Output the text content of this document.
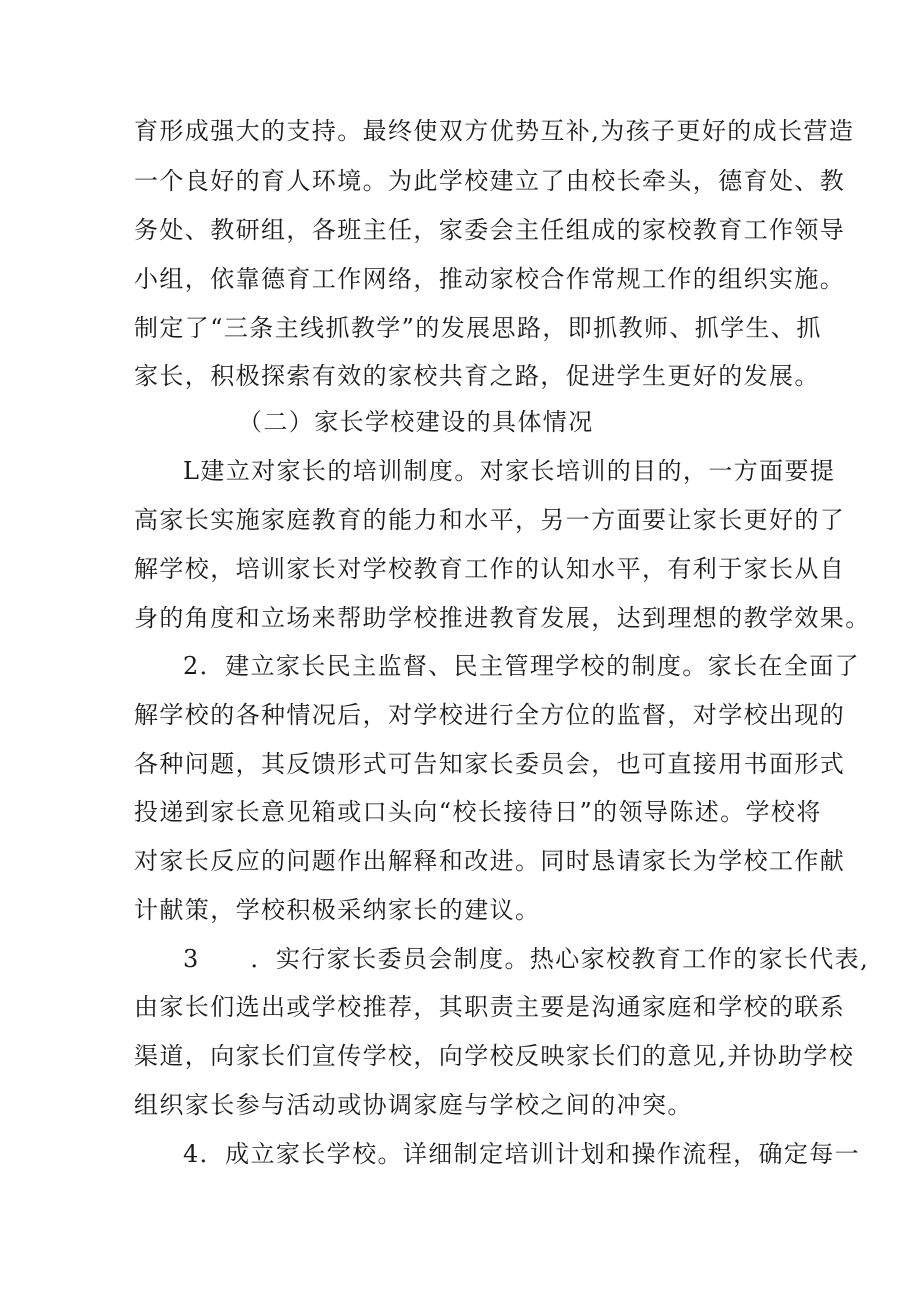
育形成强大的支持。最终使双方优势互补,为孩子更好的成长营造
一个良好的育人环境。为此学校建立了由校长牵头，德育处、教
务处、教研组，各班主任，家委会主任组成的家校教育工作领导
小组，依靠德育工作网络，推动家校合作常规工作的组织实施。
制定了“三条主线抓教学”的发展思路，即抓教师、抓学生、抓
家长，积极探索有效的家校共育之路，促进学生更好的发展。
（二）家长学校建设的具体情况
L建立对家长的培训制度。对家长培训的目的，一方面要提
高家长实施家庭教育的能力和水平，另一方面要让家长更好的了
解学校，培训家长对学校教育工作的认知水平，有利于家长从自
身的角度和立场来帮助学校推进教育发展，达到理想的教学效果。
2．建立家长民主监督、民主管理学校的制度。家长在全面了
解学校的各种情况后，对学校进行全方位的监督，对学校出现的
各种问题，其反馈形式可告知家长委员会，也可直接用书面形式
投递到家长意见箱或口头向“校长接待日”的领导陈述。学校将
对家长反应的问题作出解释和改进。同时恳请家长为学校工作献
计献策，学校积极采纳家长的建议。
3　　．实行家长委员会制度。热心家校教育工作的家长代表,
由家长们选出或学校推荐，其职责主要是沟通家庭和学校的联系
渠道，向家长们宣传学校，向学校反映家长们的意见,并协助学校
组织家长参与活动或协调家庭与学校之间的冲突。
4．成立家长学校。详细制定培训计划和操作流程，确定每一
